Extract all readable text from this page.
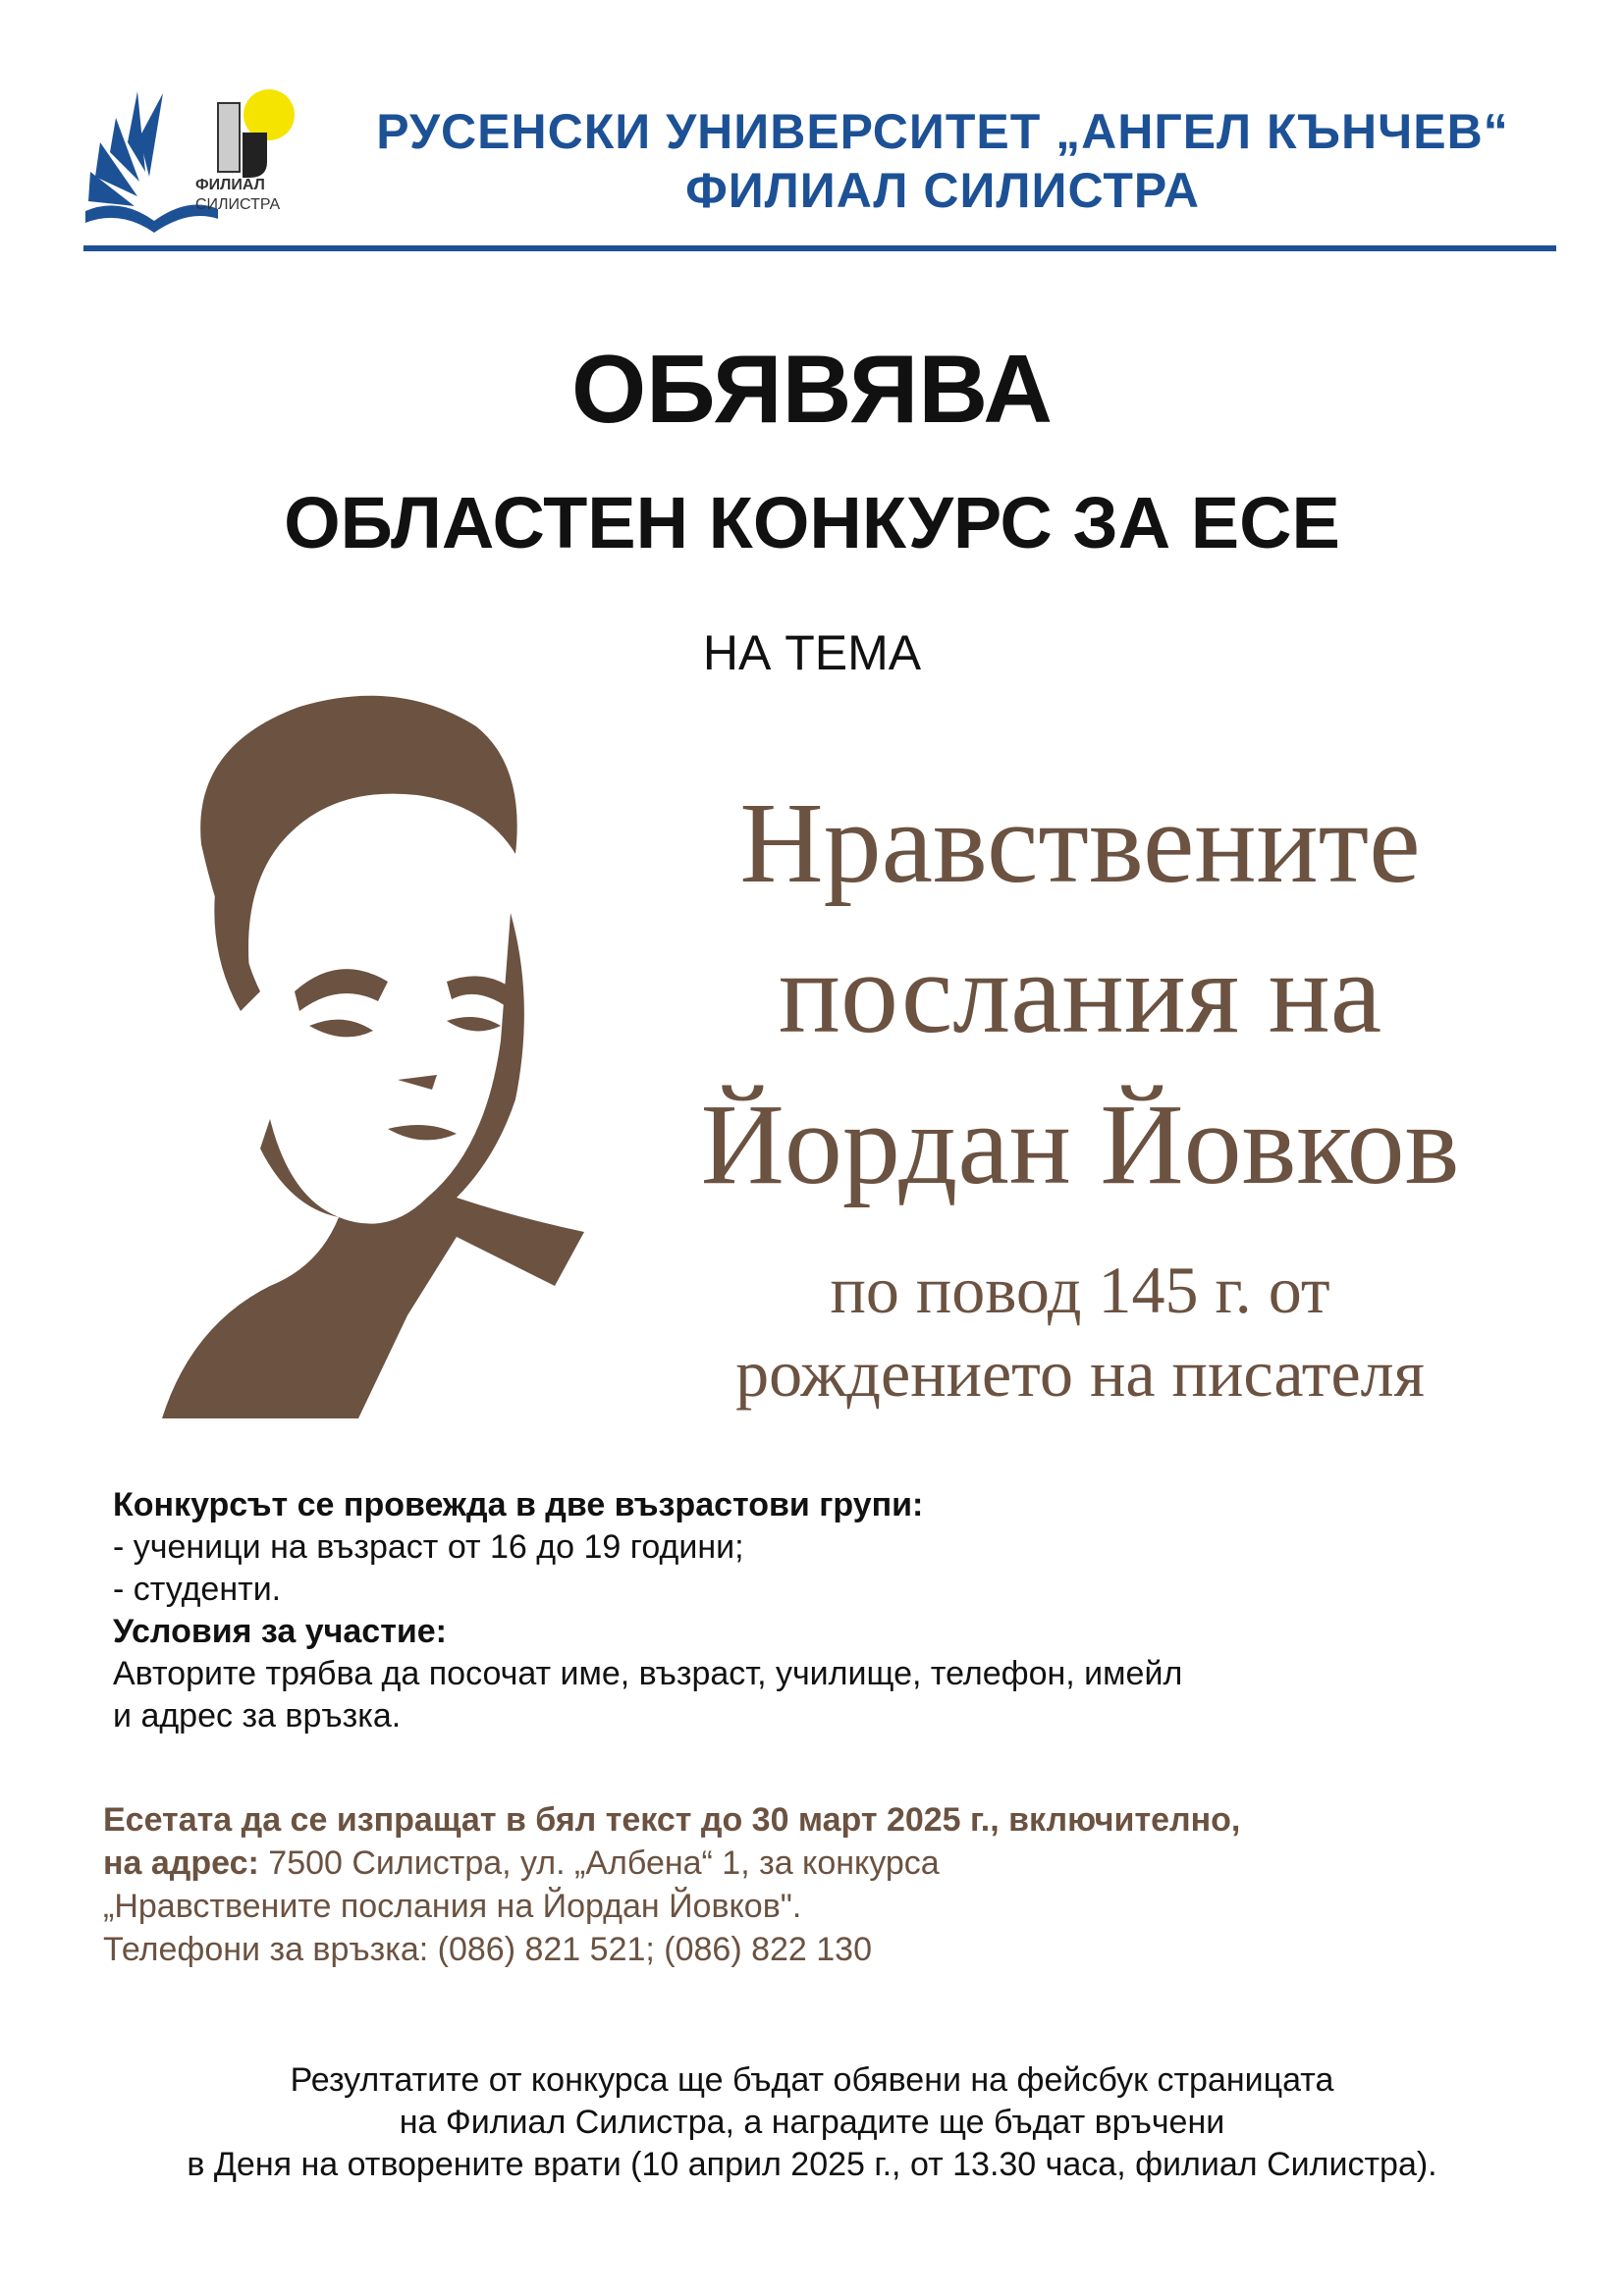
ФИЛИАЛ
СИЛИСТРА
РУСЕНСКИ УНИВЕРСИТЕТ „АНГЕЛ КЪНЧЕВ“
ФИЛИАЛ СИЛИСТРА
ОБЯВЯВА
ОБЛАСТЕН КОНКУРС ЗА ЕСЕ
НА ТЕМА
Нравствените
послания на
Йордан Йовков
по повод 145 г. от
рождението на писателя
Конкурсът се провежда в две възрастови групи:
- ученици на възраст от 16 до 19 години;
- студенти.
Условия за участие:
Авторите трябва да посочат име, възраст, училище, телефон, имейл
и адрес за връзка.
Есетата да се изпращат в бял текст до 30 март 2025 г., включително,
на адрес: 7500 Силистра, ул. „Албена“ 1, за конкурса
„Нравствените послания на Йордан Йовков".
Телефони за връзка: (086) 821 521; (086) 822 130
Резултатите от конкурса ще бъдат обявени на фейсбук страницата
на Филиал Силистра, а наградите ще бъдат връчени
в Деня на отворените врати (10 април 2025 г., от 13.30 часа, филиал Силистра).
